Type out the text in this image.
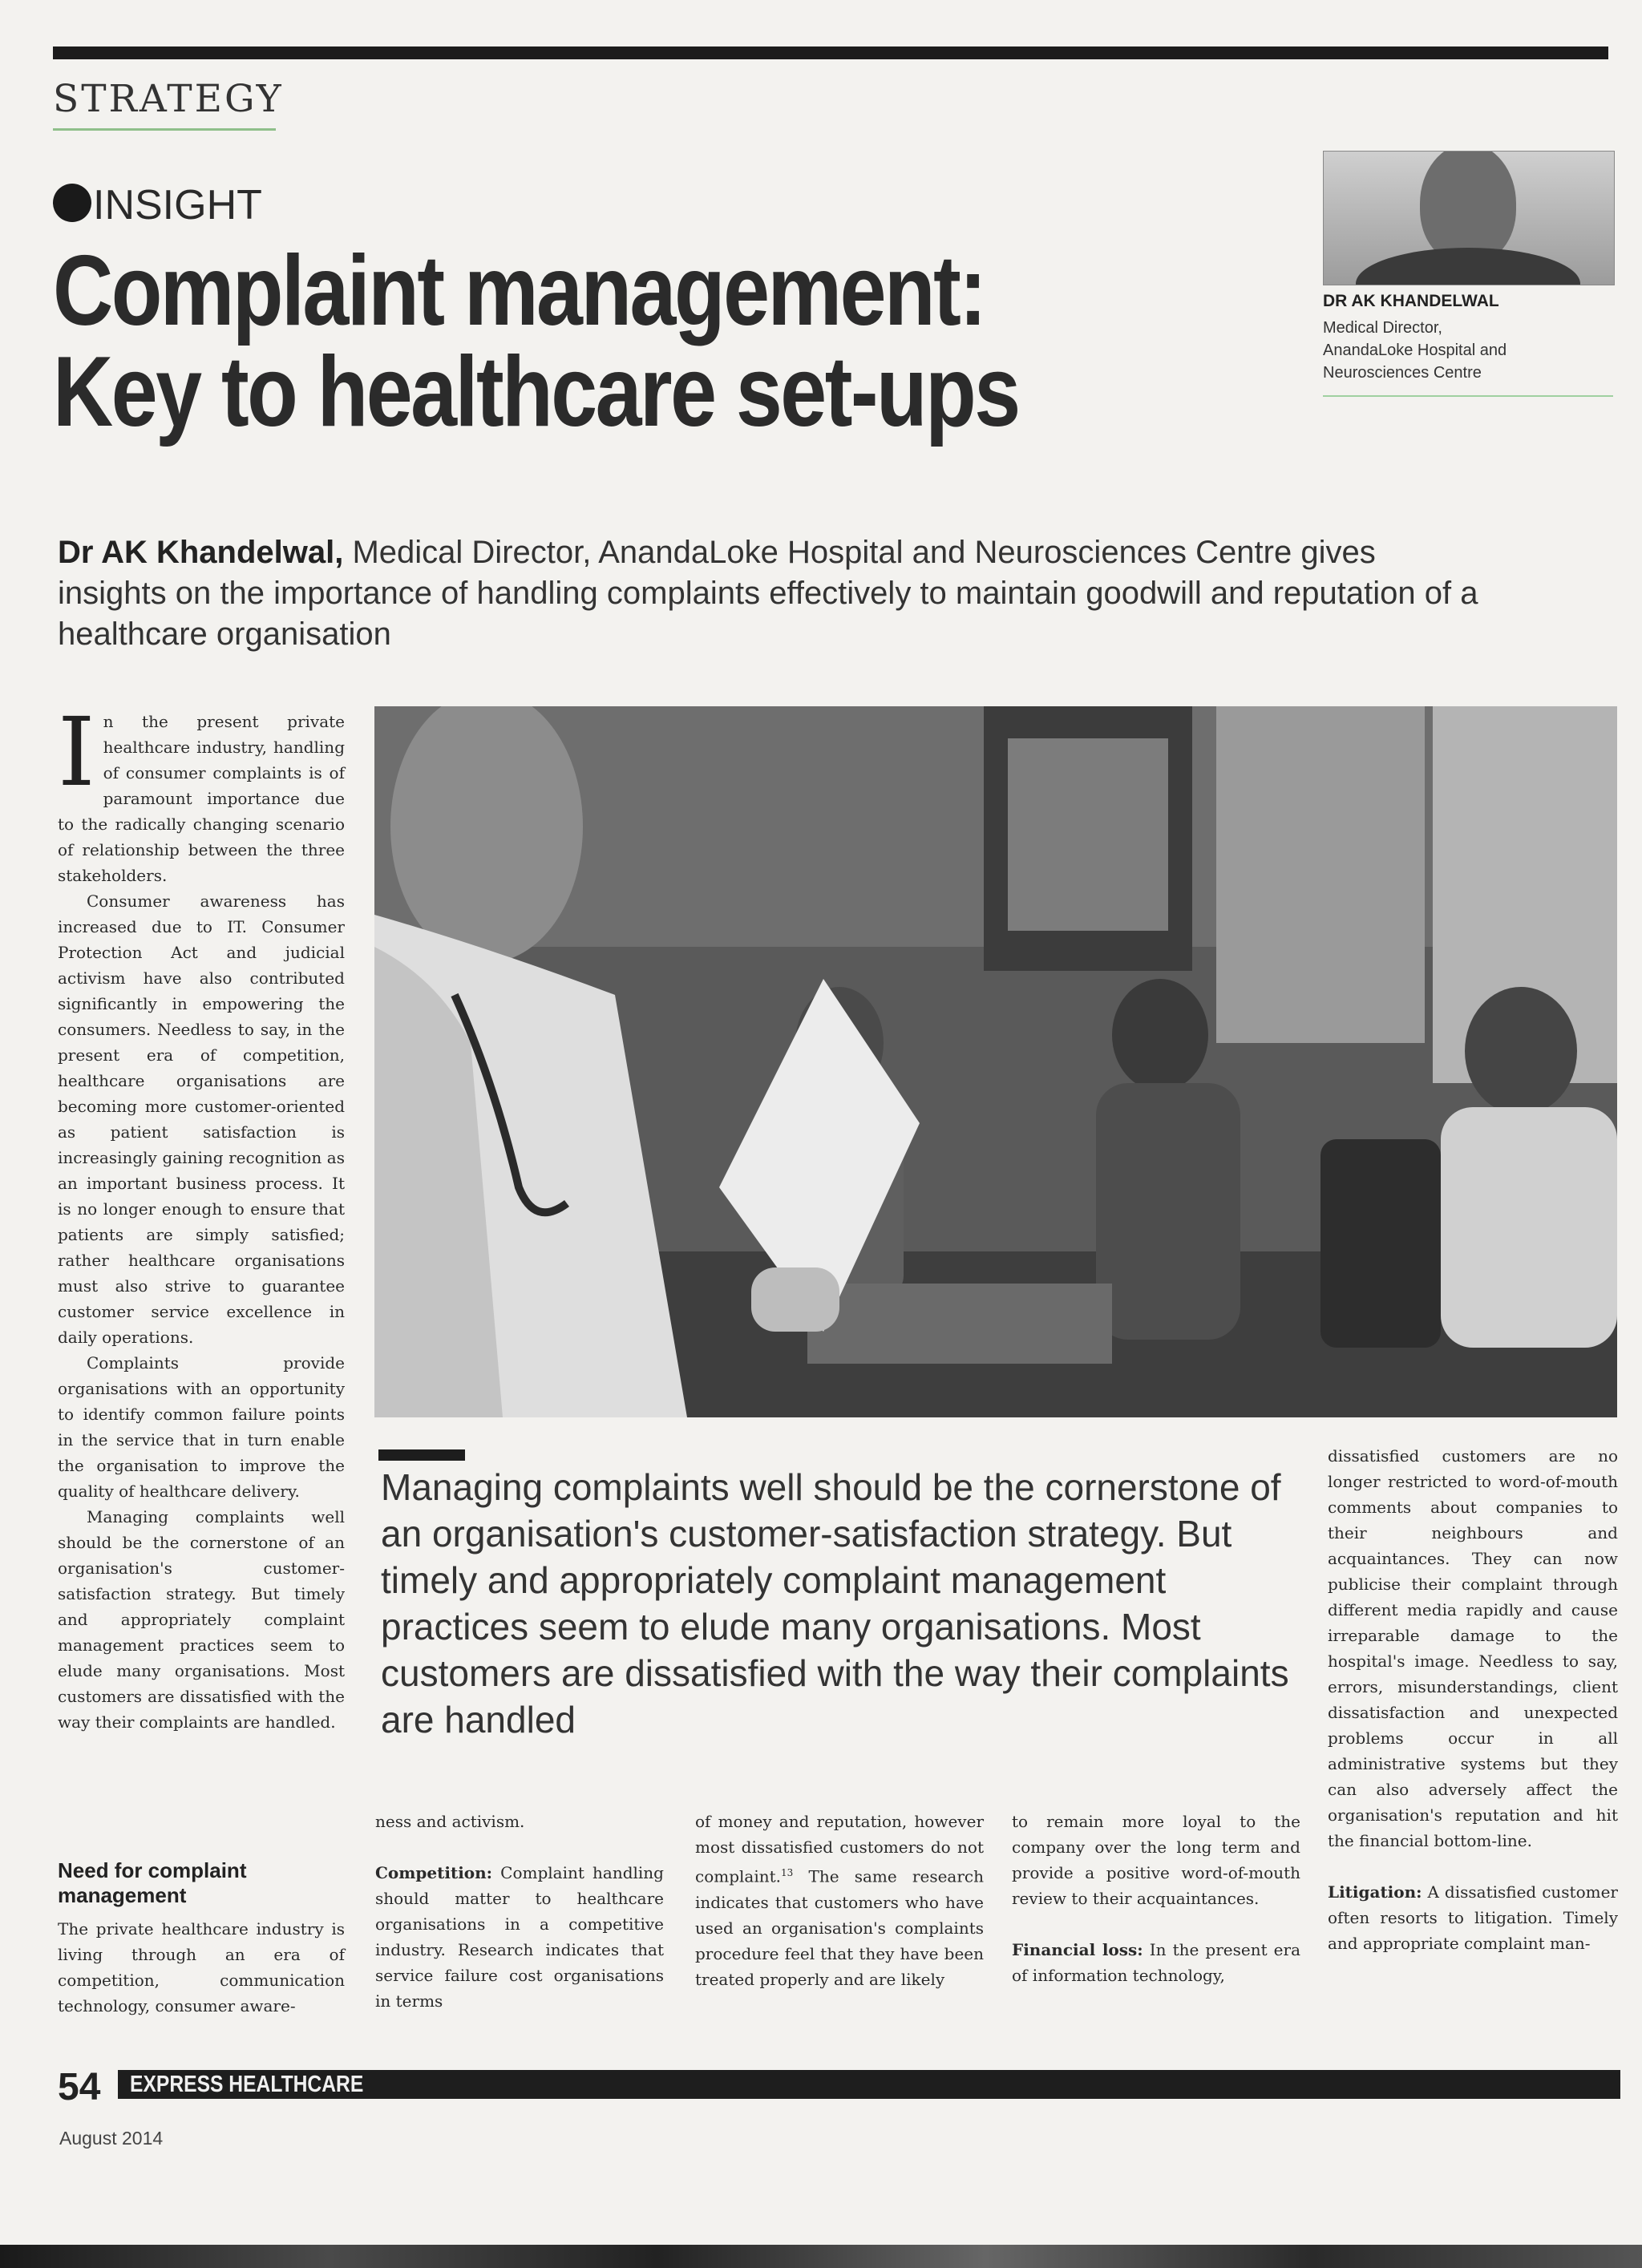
STRATEGY
INSIGHT
Complaint management:
Key to healthcare set-ups
DR AK KHANDELWAL
Medical Director,
AnandaLoke Hospital and
Neurosciences Centre
Dr AK Khandelwal, Medical Director, AnandaLoke Hospital and Neurosciences Centre gives insights on the importance of handling complaints effectively to maintain goodwill and reputation of a healthcare organisation

In the present private healthcare industry, handling of consumer complaints is of paramount importance due to the radically changing scenario of relationship between the three stakeholders.

Consumer awareness has increased due to IT. Consumer Protection Act and judicial activism have also contributed significantly in empowering the consumers. Needless to say, in the present era of competition, healthcare organisations are becoming more customer-oriented as patient satisfaction is increasingly gaining recognition as an important business process. It is no longer enough to ensure that patients are simply satisfied; rather healthcare organisations must also strive to guarantee customer service excellence in daily operations.

Complaints provide organisations with an opportunity to identify common failure points in the service that in turn enable the organisation to improve the quality of healthcare delivery.

Managing complaints well should be the cornerstone of an organisation's customer-satisfaction strategy. But timely and appropriately complaint management practices seem to elude many organisations. Most customers are dissatisfied with the way their complaints are handled.

Need for complaint management

The private healthcare industry is living through an era of competition, communication technology, consumer aware-

Managing complaints well should be the cornerstone of an organisation's customer-satisfaction strategy. But timely and appropriately complaint management practices seem to elude many organisations. Most customers are dissatisfied with the way their complaints are handled

dissatisfied customers are no longer restricted to word-of-mouth comments about companies to their neighbours and acquaintances. They can now publicise their complaint through different media rapidly and cause irreparable damage to the hospital's image. Needless to say, errors, misunderstandings, client dissatisfaction and unexpected problems occur in all administrative systems but they can also adversely affect the organisation's reputation and hit the financial bottom-line.

Litigation: A dissatisfied customer often resorts to litigation. Timely and appropriate complaint man-

ness and activism.

Competition: Complaint handling should matter to healthcare organisations in a competitive industry. Research indicates that service failure cost organisations in terms

of money and reputation, however most dissatisfied customers do not complaint.$^{13}$ The same research indicates that customers who have used an organisation's complaints procedure feel that they have been treated properly and are likely

to remain more loyal to the company over the long term and provide a positive word-of-mouth review to their acquaintances.

Financial loss: In the present era of information technology,

54 EXPRESS HEALTHCARE
August 2014
